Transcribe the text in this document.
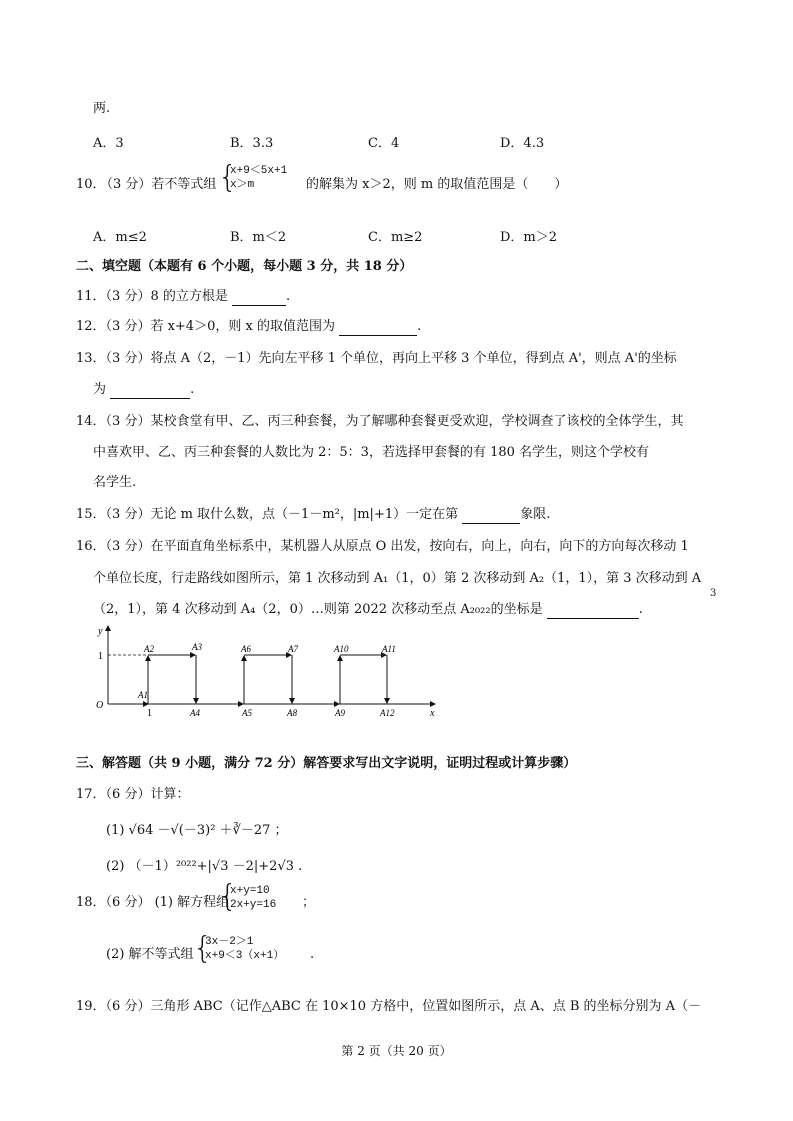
两.
A．3	B．3.3	C．4	D．4.3
10．
（3 分）若不等式组 {
x+9＜5x+1
x＞m	的解集为 x＞2，则 m 的取值范围是（　　）
A．m≤2	B．m＜2	C．m≥2	D．m＞2
二、填空题（本题有 6 个小题，每小题 3 分，共 18 分）
11．（3 分）8 的立方根是	.
12．（3 分）若 x+4＞0，则 x 的取值范围为	.
13．（3 分）将点 A（2，－1）先向左平移 1 个单位，再向上平移 3 个单位，得到点 A'，则点 A'的坐标
为	.
14．（3 分）某校食堂有甲、乙、丙三种套餐，为了解哪种套餐更受欢迎，学校调查了该校的全体学生，其
中喜欢甲、乙、丙三种套餐的人数比为 2：5：3，若选择甲套餐的有 180 名学生，则这个学校有
名学生.
15．（3 分）无论 m 取什么数，点（－1－m²，|m|+1）一定在第	象限.
16．（3 分）在平面直角坐标系中，某机器人从原点 O 出发，按向右，向上，向右，向下的方向每次移动 1
个单位长度，行走路线如图所示，第 1 次移动到 A₁（1，0）第 2 次移动到 A₂（1，1），第 3 次移动到 A
3
（2，1），第 4 次移动到 A₄（2，0）…则第 2022 次移动至点 A₂₀₂₂的坐标是	.
y
x
O
1
1
A1
A2	A3
A4	A5
A6	A7
A8	A9
A10	A11
A12
三、解答题（共 9 小题，满分 72 分）解答要求写出文字说明，证明过程或计算步骤）
17．（6 分）计算：
(1) √64 －√(－3)² ＋∛－27 ；
(2) （－1）²⁰²²+|√3 －2|+2√3 .
18．（6 分） (1) 解方程组
{
x+y=10
2x+y=16 ；
(2) 解不等式组 {
3x－2＞1
x+9＜3（x+1） .
19．（6 分）三角形 ABC（记作△ABC 在 10×10 方格中，位置如图所示，点 A、点 B 的坐标分别为 A（－
第 2 页（共 20 页）
